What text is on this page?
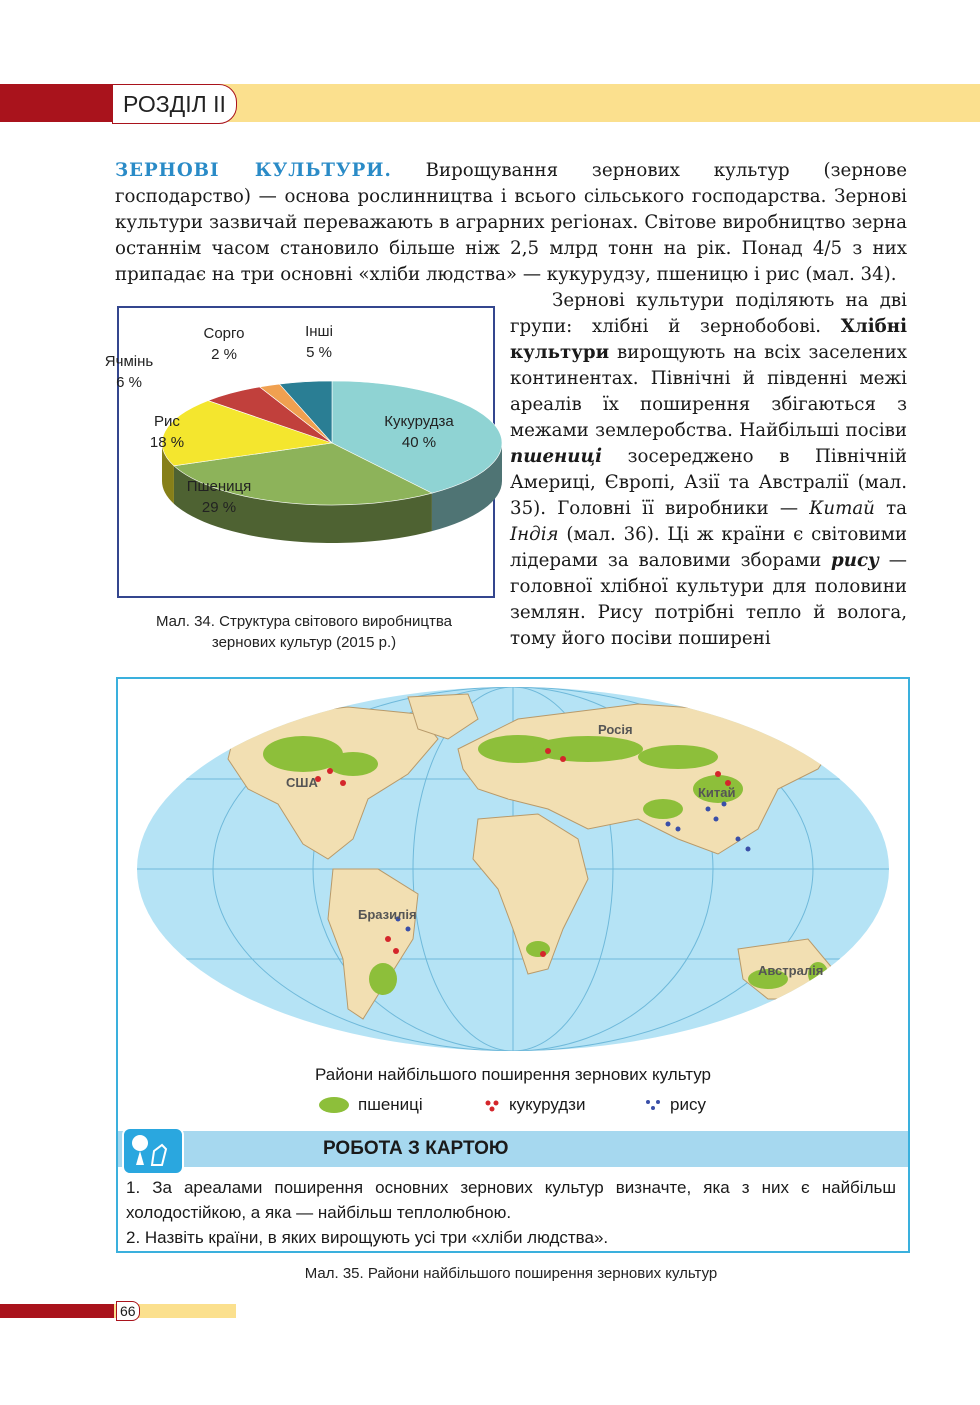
РОЗДІЛ ІІ

ЗЕРНОВІ КУЛЬТУРИ. Вирощування зернових культур (зернове господарство) — основа рослинництва і всього сільського господарства. Зернові культури зазвичай переважають в аграрних регіонах. Світове виробництво зерна останнім часом становило більше ніж 2,5 млрд тонн на рік. Понад 4/5 з них припадає на три основні «хліби людства» — кукурудзу, пшеницю і рис (мал. 34).

Зернові культури поділяють на дві групи: хлібні й зернобобові. Хлібні культури вирощують на всіх заселених континентах. Північні й південні межі ареалів їх поширення збігаються з межами землеробства. Найбільші посіви пшениці зосереджено в Північній Америці, Європі, Азії та Австралії (мал. 35). Головні її виробники — Китай та Індія (мал. 36). Ці ж країни є світовими лідерами за валовими зборами рису — головної хлібної культури для половини землян. Рису потрібні тепло й волога, тому його посіви поширені

Кукурудза
40 %
Пшениця
29 %
Рис
18 %
Ячмінь
6 %
Сорго
2 %
Інші
5 %
Мал. 34. Структура світового виробництва
зернових культур (2015 р.)
США
Бразилія
Китай
Росія
Австралія
Райони найбільшого поширення зернових культур
пшениці	кукурудзи	рису
РОБОТА З КАРТОЮ
1. За ареалами поширення основних зернових культур визначте, яка з них є найбільш холодостійкою, а яка — найбільш теплолюбною.
2. Назвіть країни, в яких вирощують усі три «хліби людства».
Мал. 35. Райони найбільшого поширення зернових культур
66
